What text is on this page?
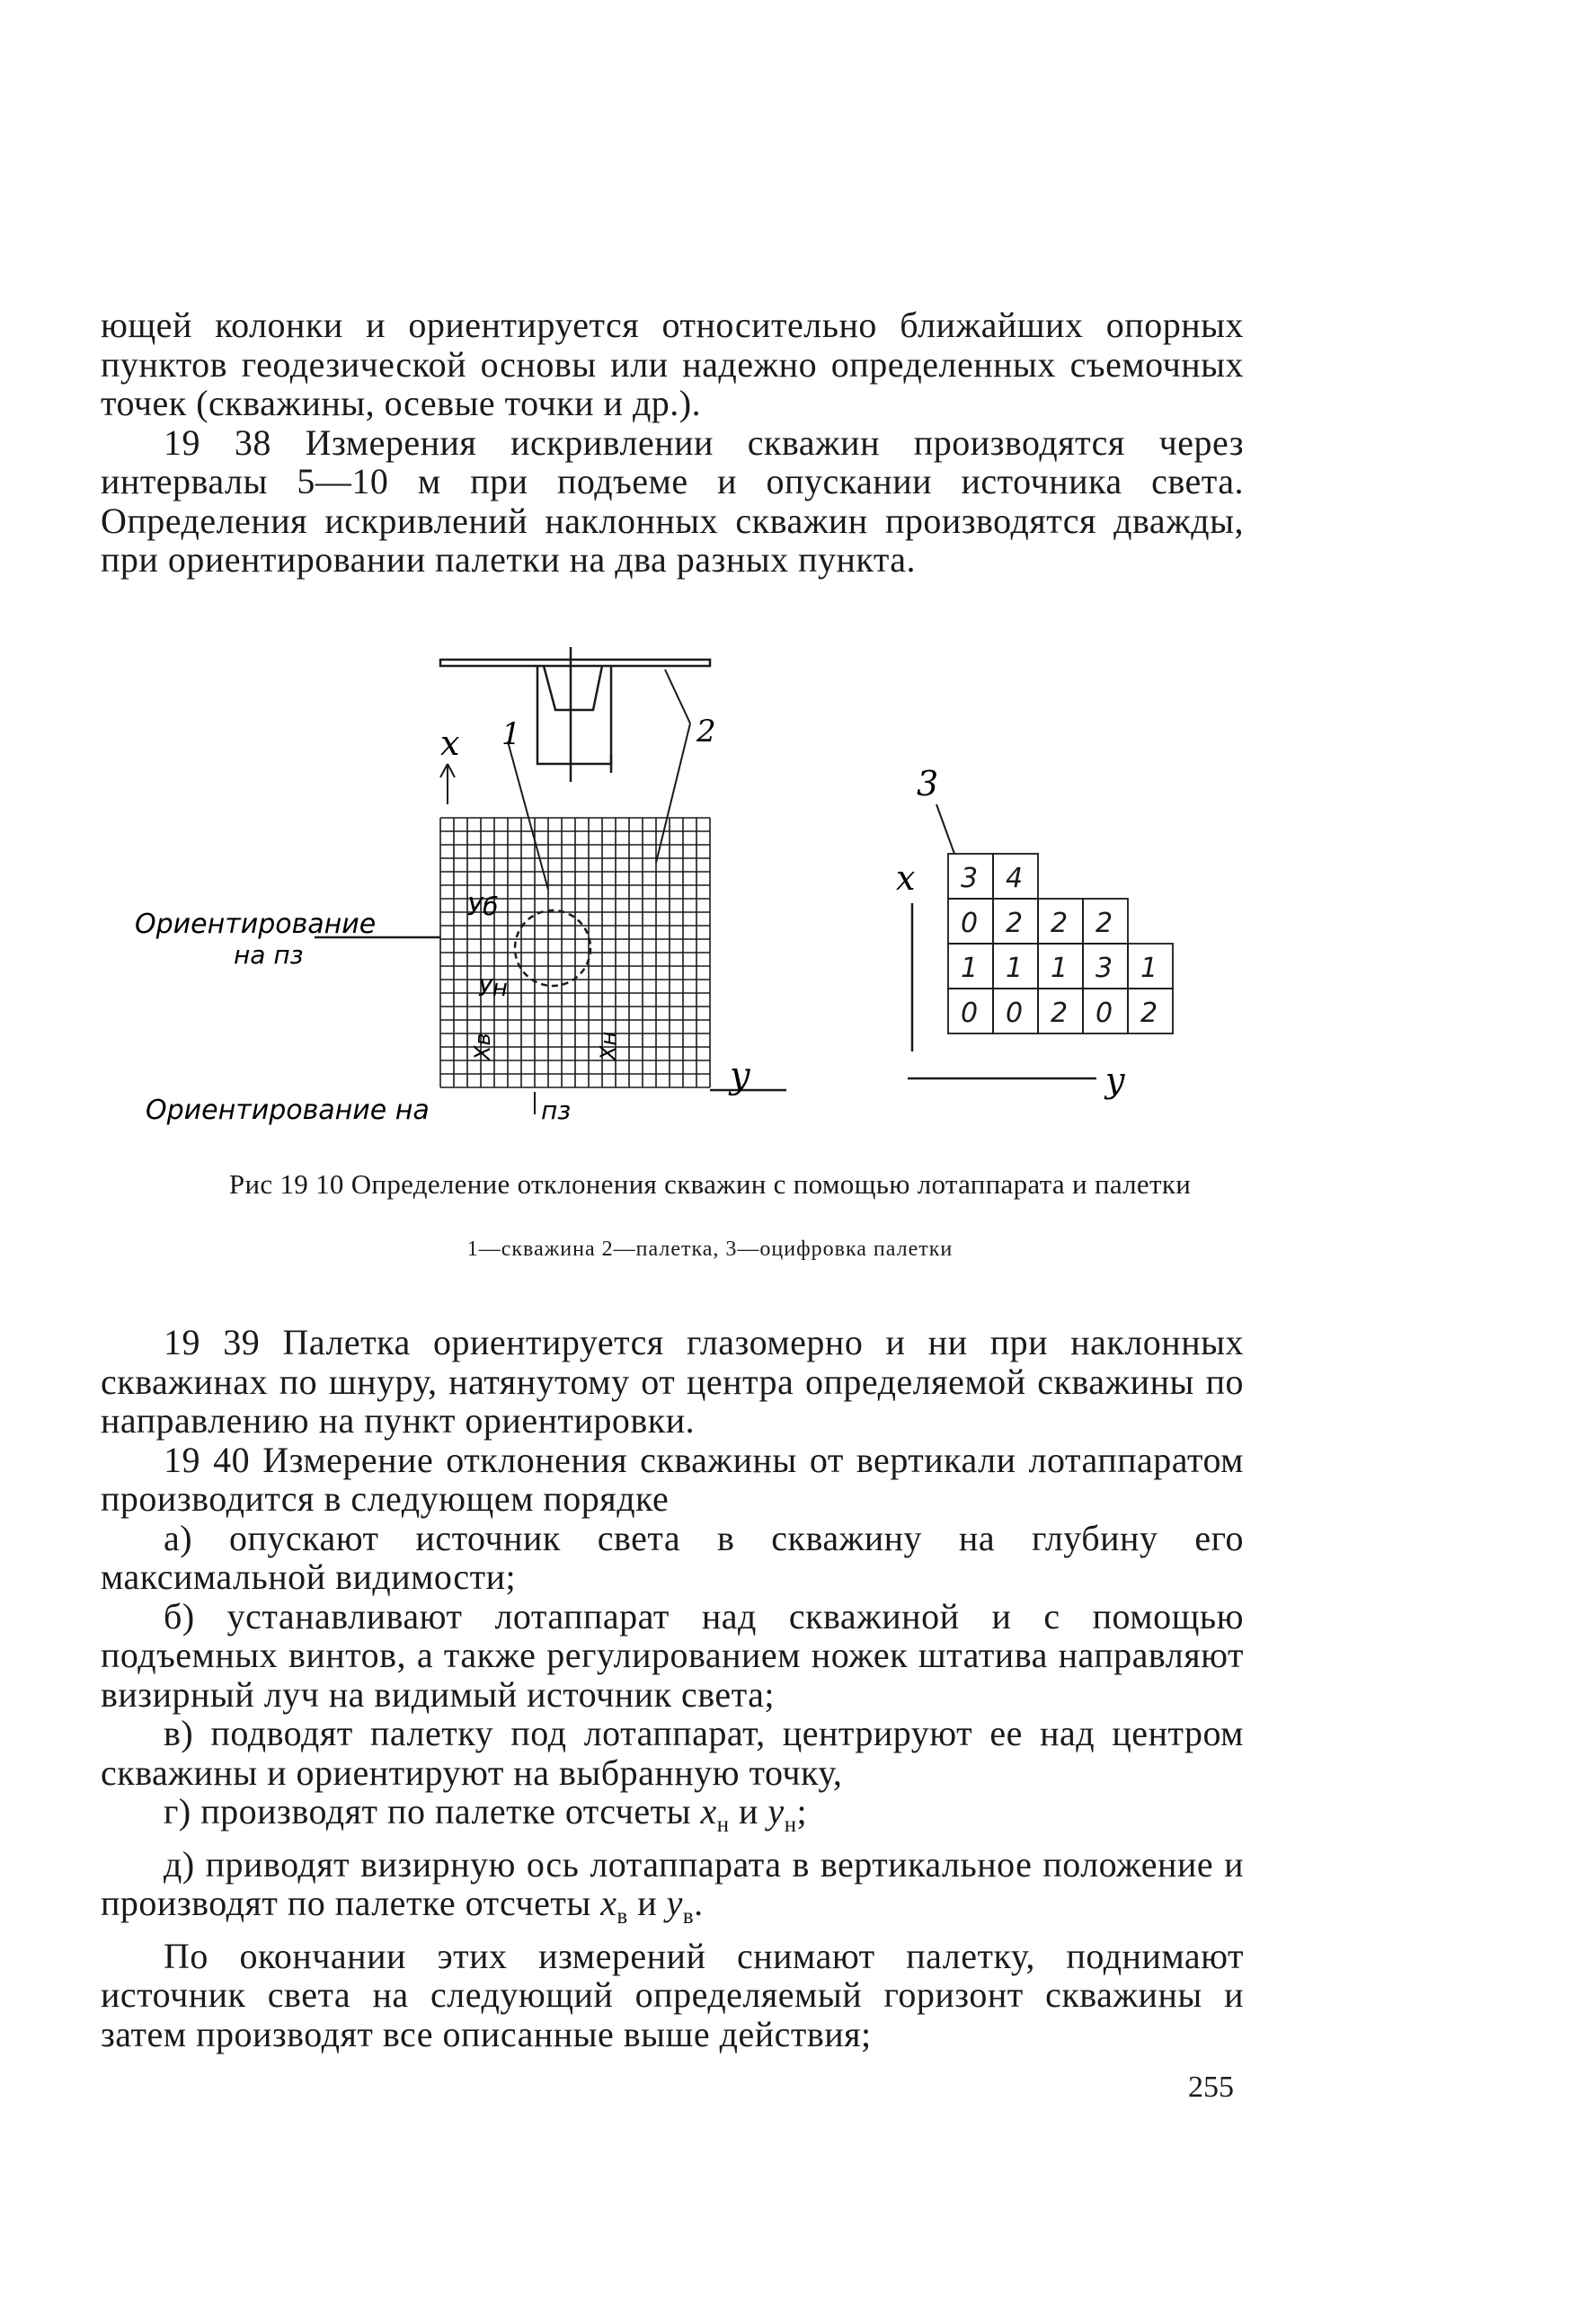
ющей колонки и ориентируется относительно ближайших опорных пунктов геодезической основы или надежно определенных съемочных точек (скважины, осевые точки и др.).

19 38 Измерения искривлении скважин производятся через интервалы 5—10 м при подъеме и опускании источника света. Определения искривлений наклонных скважин производятся дважды, при ориентировании палетки на два разных пункта.

x 1	2
y
Уб
Ун
Хв	Хн
Ориентирование
на пз
Ориентирование на	пз
3 4
0 2 2 2
1 1 1 3 1
0 0 2 0 2
3
x
y
Рис 19 10 Определение отклонения скважин с помощью лотаппарата и палетки
1—скважина 2—палетка, 3—оцифровка палетки

19 39 Палетка ориентируется глазомерно и ни при наклонных скважинах по шнуру, натянутому от центра определяемой скважины по направлению на пункт ориентировки.

19 40 Измерение отклонения скважины от вертикали лотаппаратом производится в следующем порядке

а) опускают источник света в скважину на глубину его максимальной видимости;

б) устанавливают лотаппарат над скважиной и с помощью подъемных винтов, а также регулированием ножек штатива направляют визирный луч на видимый источник света;

в) подводят палетку под лотаппарат, центрируют ее над центром скважины и ориентируют на выбранную точку,

г) производят по палетке отсчеты $x_н$ и $y_н$;

д) приводят визирную ось лотаппарата в вертикальное положение и производят по палетке отсчеты $x_в$ и $y_в$.

По окончании этих измерений снимают палетку, поднимают источник света на следующий определяемый горизонт скважины и затем производят все описанные выше действия;

255
